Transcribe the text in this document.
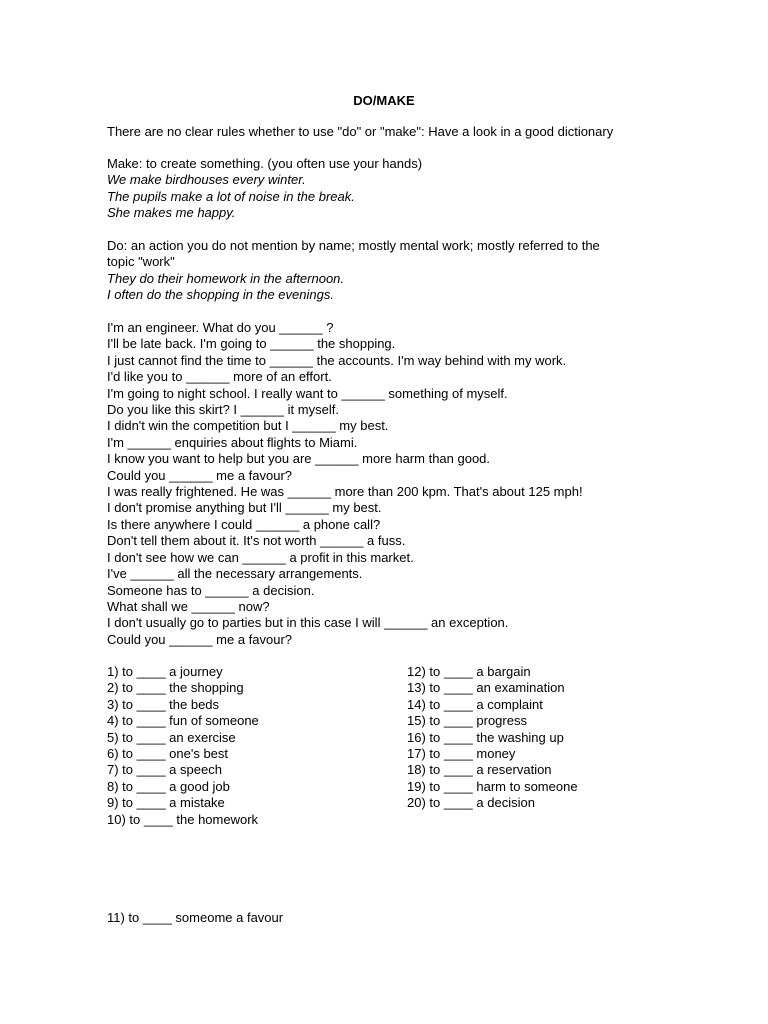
DO/MAKE
There are no clear rules whether to use "do" or "make": Have a look in a good dictionary
Make: to create something. (you often use your hands)
We make birdhouses every winter.
The pupils make a lot of noise in the break.
She makes me happy.
Do: an action you do not mention by name; mostly mental work; mostly referred to the
topic "work"
They do their homework in the afternoon.
I often do the shopping in the evenings.
I'm an engineer. What do you ______ ?
I'll be late back. I'm going to ______ the shopping.
I just cannot find the time to ______ the accounts. I'm way behind with my work.
I'd like you to ______ more of an effort.
I'm going to night school. I really want to ______ something of myself.
Do you like this skirt? I ______ it myself.
I didn't win the competition but I ______ my best.
I'm ______ enquiries about flights to Miami.
I know you want to help but you are ______ more harm than good.
Could you ______ me a favour?
I was really frightened. He was ______ more than 200 kpm. That's about 125 mph!
I don't promise anything but I'll ______ my best.
Is there anywhere I could ______ a phone call?
Don't tell them about it. It's not worth ______ a fuss.
I don't see how we can ______ a profit in this market.
I've ______ all the necessary arrangements.
Someone has to ______ a decision.
What shall we ______ now?
I don't usually go to parties but in this case I will ______ an exception.
Could you ______ me a favour?
1) to ____ a journey
2) to ____ the shopping
3) to ____ the beds
4) to ____ fun of someone
5) to ____ an exercise
6) to ____ one's best
7) to ____ a speech
8) to ____ a good job
9) to ____ a mistake
10) to ____ the homework
12) to ____ a bargain
13) to ____ an examination
14) to ____ a complaint
15) to ____ progress
16) to ____ the washing up
17) to ____ money
18) to ____ a reservation
19) to ____ harm to someone
20) to ____ a decision
11) to ____ someome a favour
